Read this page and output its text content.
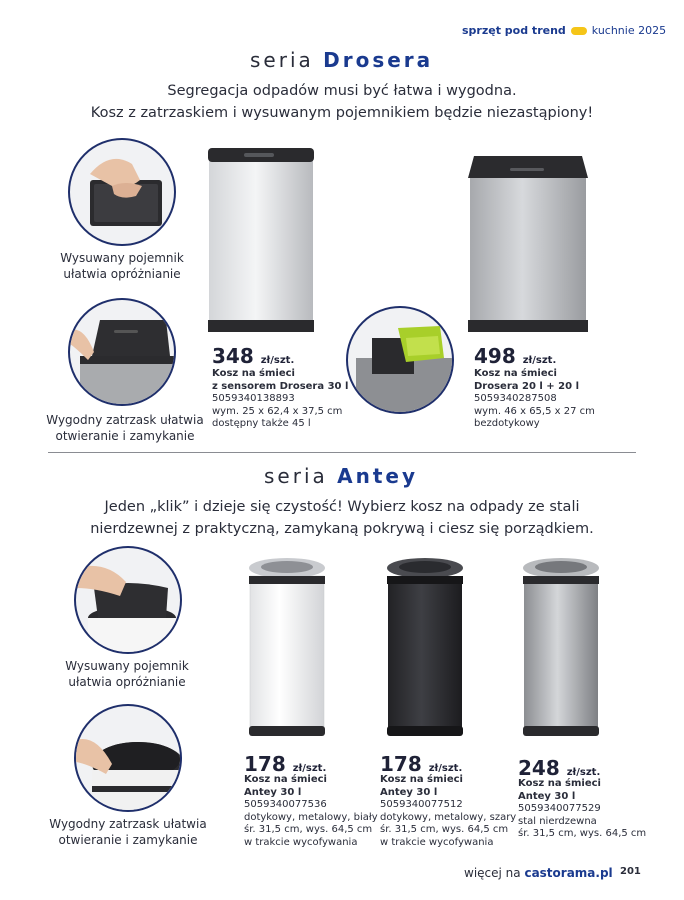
sprzęt pod trend kuchnie 2025
seria Drosera
Segregacja odpadów musi być łatwa i wygodna.
Kosz z zatrzaskiem i wysuwanym pojemnikiem będzie niezastąpiony!
Wysuwany pojemnik
ułatwia opróżnianie
Wygodny zatrzask ułatwia
otwieranie i zamykanie
348 zł/szt.
Kosz na śmieci
z sensorem Drosera 30 l
5059340138893
wym. 25 x 62,4 x 37,5 cm
dostępny także 45 l
498 zł/szt.
Kosz na śmieci
Drosera 20 l + 20 l
5059340287508
wym. 46 x 65,5 x 27 cm
bezdotykowy
seria Antey
Jeden „klik” i dzieje się czystość! Wybierz kosz na odpady ze stali
nierdzewnej z praktyczną, zamykaną pokrywą i ciesz się porządkiem.
Wysuwany pojemnik
ułatwia opróżnianie
Wygodny zatrzask ułatwia
otwieranie i zamykanie
178 zł/szt.
Kosz na śmieci
Antey 30 l
5059340077536
dotykowy, metalowy, biały
śr. 31,5 cm, wys. 64,5 cm
w trakcie wycofywania
178 zł/szt.
Kosz na śmieci
Antey 30 l
5059340077512
dotykowy, metalowy, szary
śr. 31,5 cm, wys. 64,5 cm
w trakcie wycofywania
248 zł/szt.
Kosz na śmieci
Antey 30 l
5059340077529
stal nierdzewna
śr. 31,5 cm, wys. 64,5 cm
więcej na castorama.pl 201
